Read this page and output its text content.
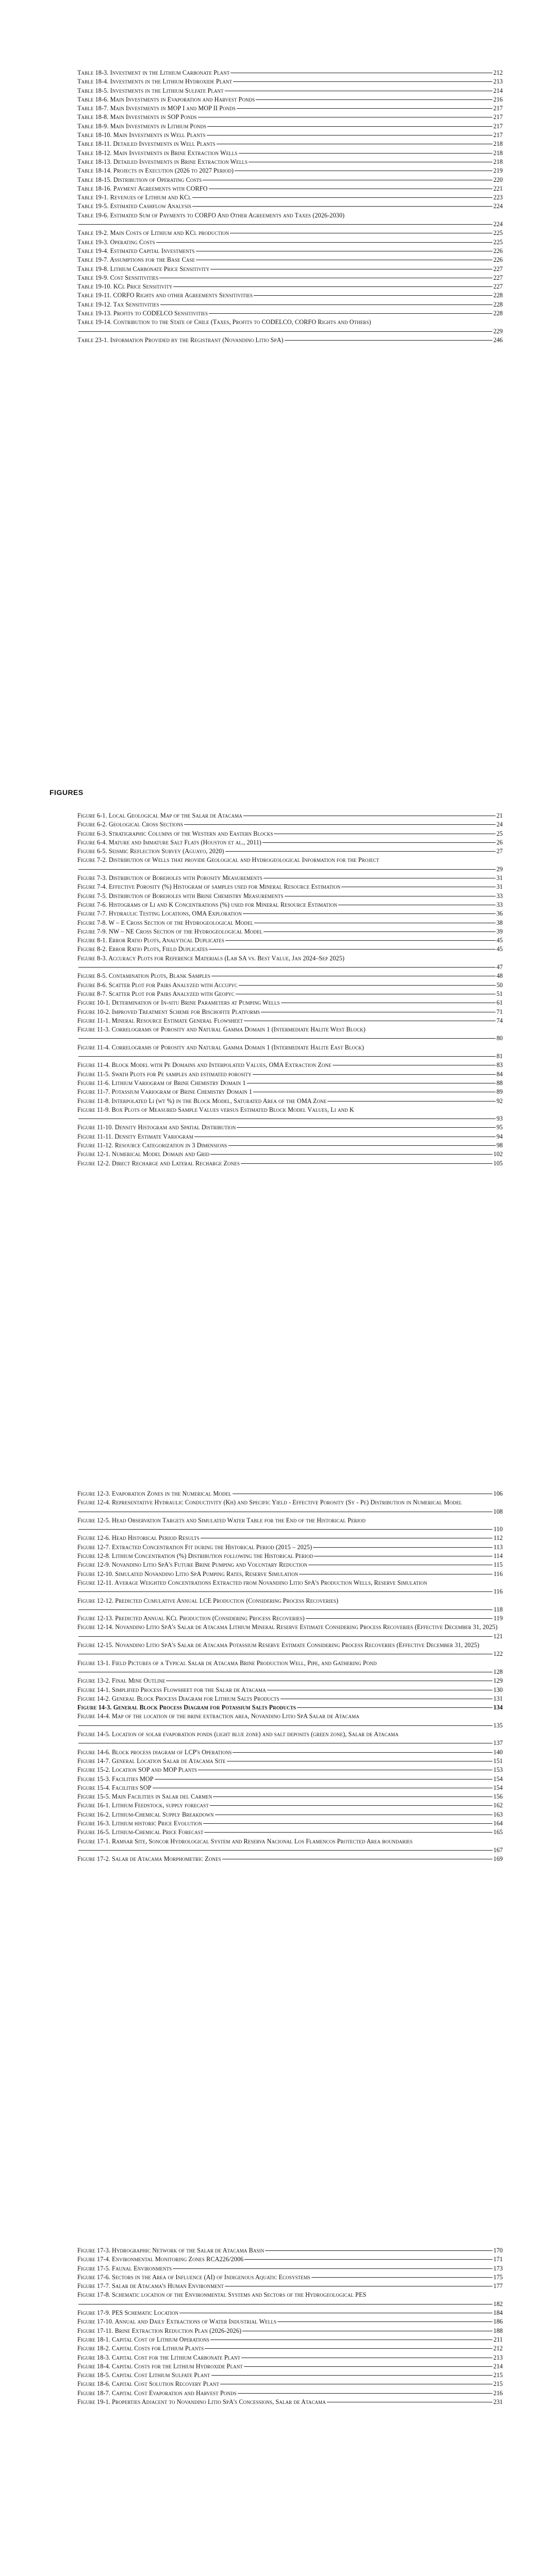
Table 18-3. Investment in the Lithium Carbonate Plant	212
Table 18-4. Investments in the Lithium Hydroxide Plant	213
Table 18-5. Investments in the Lithium Sulfate Plant	214
Table 18-6. Main Investments in Evaporation and Harvest Ponds	216
Table 18-7. Main Investments in MOP I and MOP II Ponds	217
Table 18-8. Main Investments in SOP Ponds	217
Table 18-9. Main Investments in Lithium Ponds	217
Table 18-10. Main Investments in Well Plants	217
Table 18-11. Detailed Investments in Well Plants	218
Table 18-12. Main Investments in Brine Extraction Wells	218
Table 18-13. Detailed Investments in Brine Extraction Wells	218
Table 18-14. Projects in Execution (2026 to 2027 Period)	219
Table 18-15. Distribution of Operating Costs	220
Table 18-16. Payment Agreements with CORFO	221
Table 19-1. Revenues of Lithium and KCl	223
Table 19-5. Estimated Cashflow Analysis	224
Table 19-6. Estimated Sum of Payments to CORFO And Other Agreements and Taxes (2026-2030)
224
Table 19-2. Main Costs of Lithium and KCl production	225
Table 19-3. Operating Costs	225
Table 19-4. Estimated Capital Investments	226
Table 19-7. Assumptions for the Base Case	226
Table 19-8. Lithium Carbonate Price Sensitivity	227
Table 19-9. Cost Sensitivities	227
Table 19-10. KCl Price Sensitivity	227
Table 19-11. CORFO Rights and other Agreements Sensitivities	228
Table 19-12. Tax Sensitivities	228
Table 19-13. Profits to CODELCO Sensitivities	228
Table 19-14. Contribution to the State of Chile (Taxes, Profits to CODELCO, CORFO Rights and Others)
229
Table 23-1. Information Provided by the Registrant (Novandino Litio SpA)	246
FIGURES
Figure 6-1. Local Geological Map of the Salar de Atacama	21
Figure 6-2. Geological Cross Sections	24
Figure 6-3. Stratigraphic Columns of the Western and Eastern Blocks	25
Figure 6-4. Mature and Immature Salt Flats (Houston et al., 2011)	26
Figure 6-5. Seismic Reflection Survey (Aguayo, 2020)	27
Figure 7-2. Distribution of Wells that provide Geological and Hydrogeological Information for the Project
29
Figure 7-3. Distribution of Boreholes with Porosity Measurements	31
Figure 7-4. Effective Porosity (%) Histogram of samples used for Mineral Resource Estimation	31
Figure 7-5. Distribution of Boreholes with Brine Chemistry Measurements	33
Figure 7-6. Histograms of Li and K Concentrations (%) used for Mineral Resource Estimation	33
Figure 7-7. Hydraulic Testing Locations, OMA Exploration	36
Figure 7-8. W – E Cross Section of the Hydrogeological Model	38
Figure 7-9. NW – NE Cross Section of the Hydrogeological Model	39
Figure 8-1. Error Ratio Plots, Analytical Duplicates	45
Figure 8-2. Error Ratio Plots, Field Duplicates	45
Figure 8-3. Accuracy Plots for Reference Materials (Lab SA vs. Best Value, Jan 2024–Sep 2025)
47
Figure 8-5. Contamination Plots, Blank Samples	48
Figure 8-6. Scatter Plot for Pairs Analyzed with Accupyc	50
Figure 8-7. Scatter Plot for Pairs Analyzed with Geopyc	51
Figure 10-1. Determination of In-situ Brine Parameters at Pumping Wells	61
Figure 10-2. Improved Treatment Scheme for Bischofite Platforms	71
Figure 11-1. Mineral Resource Estimate General Flowsheet	74
Figure 11-3. Correlograms of Porosity and Natural Gamma Domain 1 (Intermediate Halite West Block)
80
Figure 11-4. Correlograms of Porosity and Natural Gamma Domain 1 (Intermediate Halite East Block)
81
Figure 11-4. Block Model with Pe Domains and Interpolated Values, OMA Extraction Zone	83
Figure 11-5. Swath Plots for Pe samples and estimated porosity	84
Figure 11-6. Lithium Variogram of Brine Chemistry Domain 1	88
Figure 11-7. Potassium Variogram of Brine Chemistry Domain 1	89
Figure 11-8. Interpolated Li (wt %) in the Block Model, Saturated Area of the OMA Zone	92
Figure 11-9. Box Plots of Measured Sample Values versus Estimated Block Model Values, Li and K
93
Figure 11-10. Density Histogram and Spatial Distribution	95
Figure 11-11. Density Estimate Variogram	94
Figure 11-12. Resource Categorization in 3 Dimensions	98
Figure 12-1. Numerical Model Domain and Grid	102
Figure 12-2. Direct Recharge and Lateral Recharge Zones	105
Figure 12-3. Evaporation Zones in the Numerical Model	106
Figure 12-4. Representative Hydraulic Conductivity (Kh) and Specific Yield - Effective Porosity (Sy - Pe) Distribution in Numerical Model
108
Figure 12-5. Head Observation Targets and Simulated Water Table for the End of the Historical Period
110
Figure 12-6. Head Historical Period Results	112
Figure 12-7. Extracted Concentration Fit during the Historical Period (2015 – 2025)	113
Figure 12-8. Lithium Concentration (%) Distribution following the Historical Period	114
Figure 12-9. Novandino Litio SpA's Future Brine Pumping and Voluntary Reduction	115
Figure 12-10. Simulated Novandino Litio SpA Pumping Rates, Reserve Simulation	116
Figure 12-11. Average Weighted Concentrations Extracted from Novandino Litio SpA's Production Wells, Reserve Simulation
116
Figure 12-12. Predicted Cumulative Annual LCE Production (Considering Process Recoveries)
118
Figure 12-13. Predicted Annual KCl Production (Considering Process Recoveries)	119
Figure 12-14. Novandino Litio SpA's Salar de Atacama Lithium Mineral Reserve Estimate Considering Process Recoveries (Effective December 31, 2025)
121
Figure 12-15. Novandino Litio SpA's Salar de Atacama Potassium Reserve Estimate Considering Process Recoveries (Effective December 31, 2025)
122
Figure 13-1. Field Pictures of a Typical Salar de Atacama Brine Production Well, Pipe, and Gathering Pond
128
Figure 13-2. Final Mine Outline	129
Figure 14-1. Simplified Process Flowsheet for the Salar de Atacama	130
Figure 14-2. General Block Process Diagram for Lithium Salts Products	131
Figure 14-3. General Block Process Diagram for Potassium Salts Products	134
Figure 14-4. Map of the location of the brine extraction area, Novandino Litio SpA Salar de Atacama
135
Figure 14-5. Location of solar evaporation ponds (light blue zone) and salt deposits (green zone), Salar de Atacama
137
Figure 14-6. Block process diagram of LCP's Operations	140
Figure 14-7. General Location Salar de Atacama Site	151
Figure 15-2. Location SOP and MOP Plants	153
Figure 15-3. Facilities MOP	154
Figure 15-4. Facilities SOP	154
Figure 15-5. Main Facilities in Salar del Carmen	156
Figure 16-1. Lithium Feedstock, supply forecast	162
Figure 16-2. Lithium-Chemical Supply Breakdown	163
Figure 16-3. Lithium historic Price Evolution	164
Figure 16-5. Lithium-Chemical Price Forecast	165
Figure 17-1. Ramsar Site, Soncor Hydrological System and Reserva Nacional Los Flamencos Protected Area boundaries
167
Figure 17-2. Salar de Atacama Morphometric Zones	169
Figure 17-3. Hydrographic Network of the Salar de Atacama Basin	170
Figure 17-4. Environmental Monitoring Zones RCA226/2006	171
Figure 17-5. Faunal Environments	173
Figure 17-6. Sectors in the Area of Influence (AI) of Indigenous Aquatic Ecosystems	175
Figure 17-7. Salar de Atacama's Human Environment	177
Figure 17-8. Schematic location of the Environmental Systems and Sectors of the Hydrogeological PES
182
Figure 17-9. PES Schematic Location	184
Figure 17-10. Annual and Daily Extractions of Water Industrial Wells	186
Figure 17-11. Brine Extraction Reduction Plan (2026-2026)	188
Figure 18-1. Capital Cost of Lithium Operations	211
Figure 18-2. Capital Costs for Lithium Plants	212
Figure 18-3. Capital Cost for the Lithium Carbonate Plant	213
Figure 18-4. Capital Costs for the Lithium Hydroxide Plant	214
Figure 18-5. Capital Cost Lithium Sulfate Plant	215
Figure 18-6. Capital Cost Solution Recovery Plant	215
Figure 18-7. Capital Cost Evaporation and Harvest Ponds	216
Figure 19-1. Properties Adjacent to Novandino Litio SpA's Concessions, Salar de Atacama	231
